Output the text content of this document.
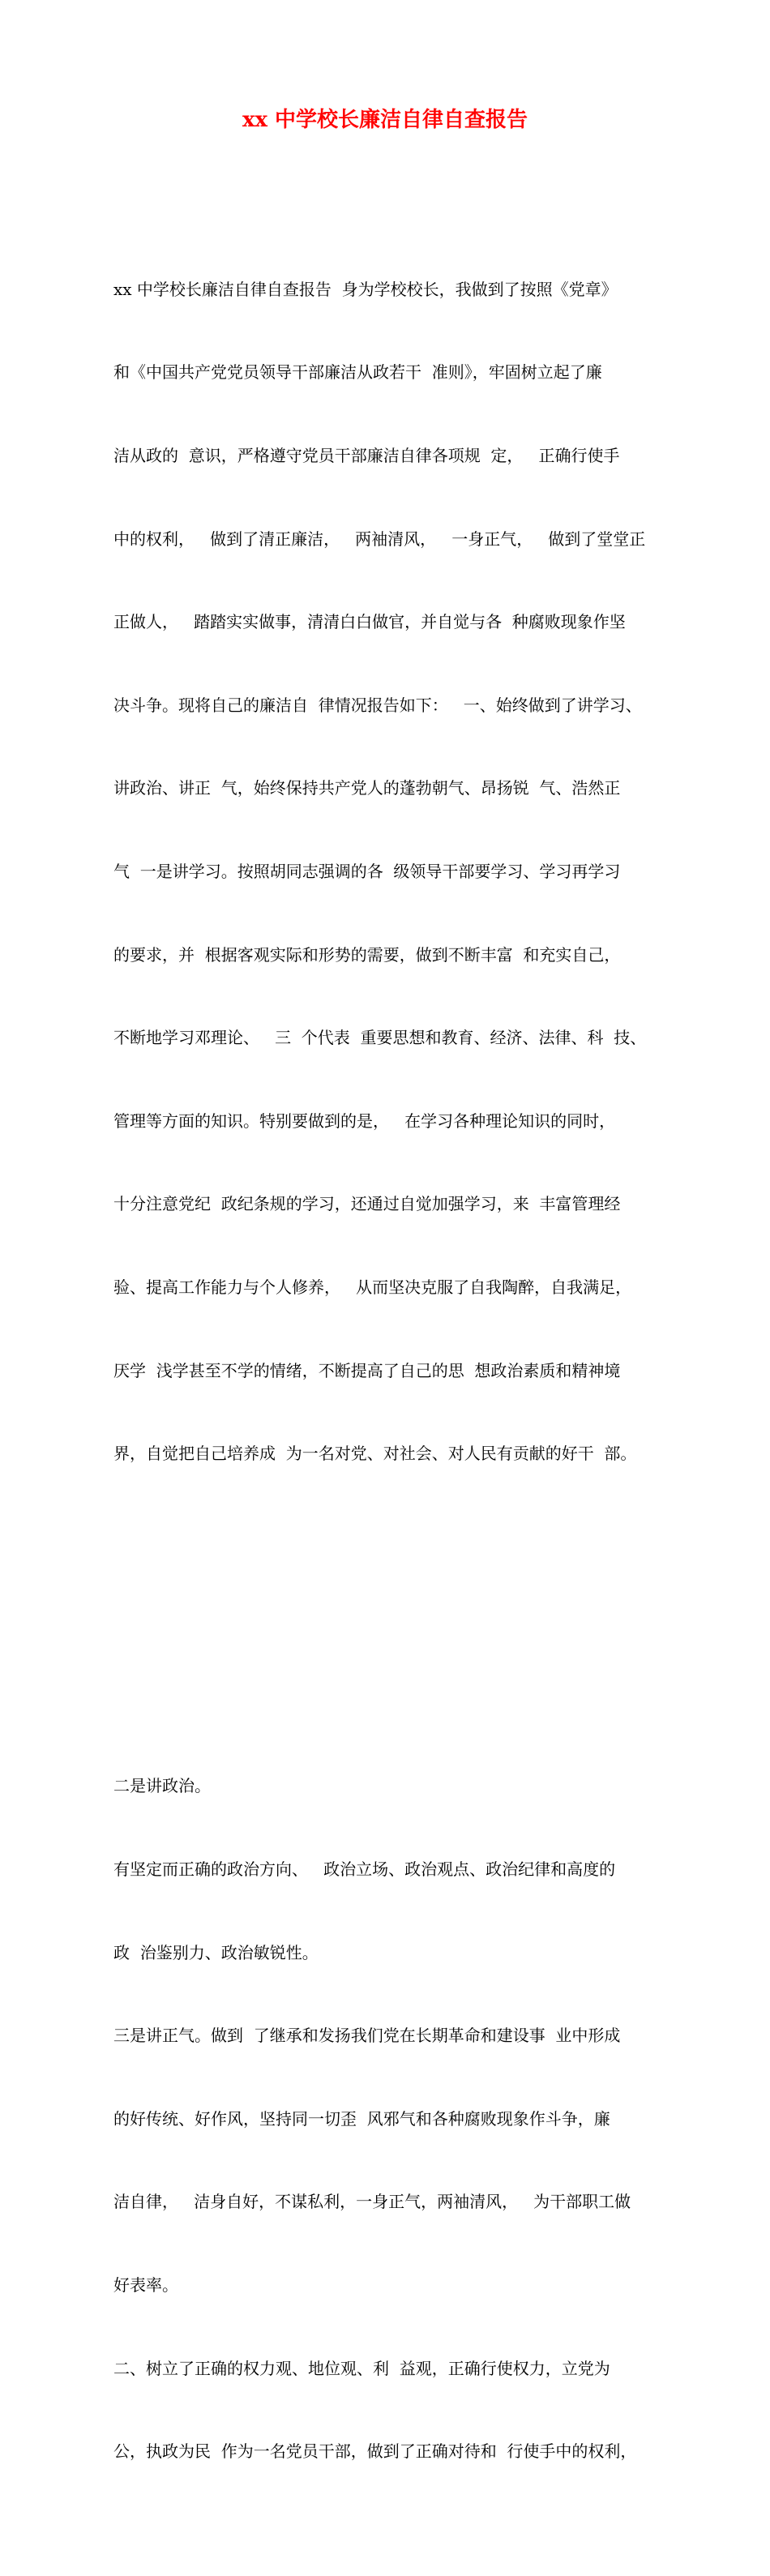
xx 中学校长廉洁自律自查报告

xx 中学校长廉洁自律自查报告  身为学校校长，我做到了按照《党章》

和《中国共产党党员领导干部廉洁从政若干  准则》，牢固树立起了廉

洁从政的  意识，严格遵守党员干部廉洁自律各项规  定，   正确行使手

中的权利，   做到了清正廉洁，   两袖清风，   一身正气，   做到了堂堂正

正做人，   踏踏实实做事，清清白白做官，并自觉与各  种腐败现象作坚

决斗争。现将自己的廉洁自  律情况报告如下：   一、始终做到了讲学习、

讲政治、讲正  气，始终保持共产党人的蓬勃朝气、昂扬锐  气、浩然正

气  一是讲学习。按照胡同志强调的各  级领导干部要学习、学习再学习

的要求，并  根据客观实际和形势的需要，做到不断丰富  和充实自己，

不断地学习邓理论、   三  个代表  重要思想和教育、经济、法律、科  技、

管理等方面的知识。特别要做到的是，   在学习各种理论知识的同时，

十分注意党纪  政纪条规的学习，还通过自觉加强学习，来  丰富管理经

验、提高工作能力与个人修养，   从而坚决克服了自我陶醉，自我满足，

厌学  浅学甚至不学的情绪，不断提高了自己的思  想政治素质和精神境

界，自觉把自己培养成  为一名对党、对社会、对人民有贡献的好干  部。

二是讲政治。

有坚定而正确的政治方向、   政治立场、政治观点、政治纪律和高度的

政  治鉴别力、政治敏锐性。

三是讲正气。做到  了继承和发扬我们党在长期革命和建设事  业中形成

的好传统、好作风，坚持同一切歪  风邪气和各种腐败现象作斗争，廉

洁自律，   洁身自好，不谋私利，一身正气，两袖清风，   为干部职工做

好表率。

二、树立了正确的权力观、地位观、利  益观，正确行使权力，立党为

公，执政为民  作为一名党员干部，做到了正确对待和  行使手中的权利，
